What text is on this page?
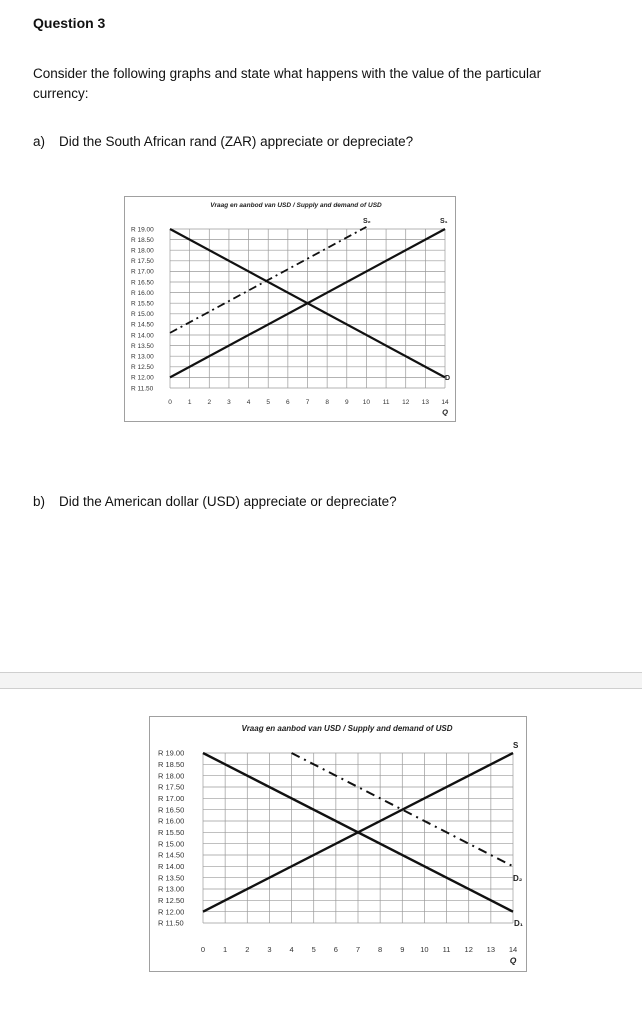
Question 3
Consider the following graphs and state what happens with the value of the particular currency:
a) Did the South African rand (ZAR) appreciate or depreciate?
Vraag en aanbod van USD / Supply and demand of USD
R 19.00
R 18.50
R 18.00
R 17.50
R 17.00
R 16.50
R 16.00
R 15.50
R 15.00
R 14.50
R 14.00
R 13.50
R 13.00
R 12.50
R 12.00
R 11.50
0 1 2 3 4 5 6 7 8 9 10 11 12 13 14
Q
D
S₁
S₂
b) Did the American dollar (USD) appreciate or depreciate?
Vraag en aanbod van USD / Supply and demand of USD
R 19.00
R 18.50
R 18.00
R 17.50
R 17.00
R 16.50
R 16.00
R 15.50
R 15.00
R 14.50
R 14.00
R 13.50
R 13.00
R 12.50
R 12.00
R 11.50
0 1 2 3 4 5 6 7 8 9 10 11 12 13 14
Q
S
D₁
D₂
